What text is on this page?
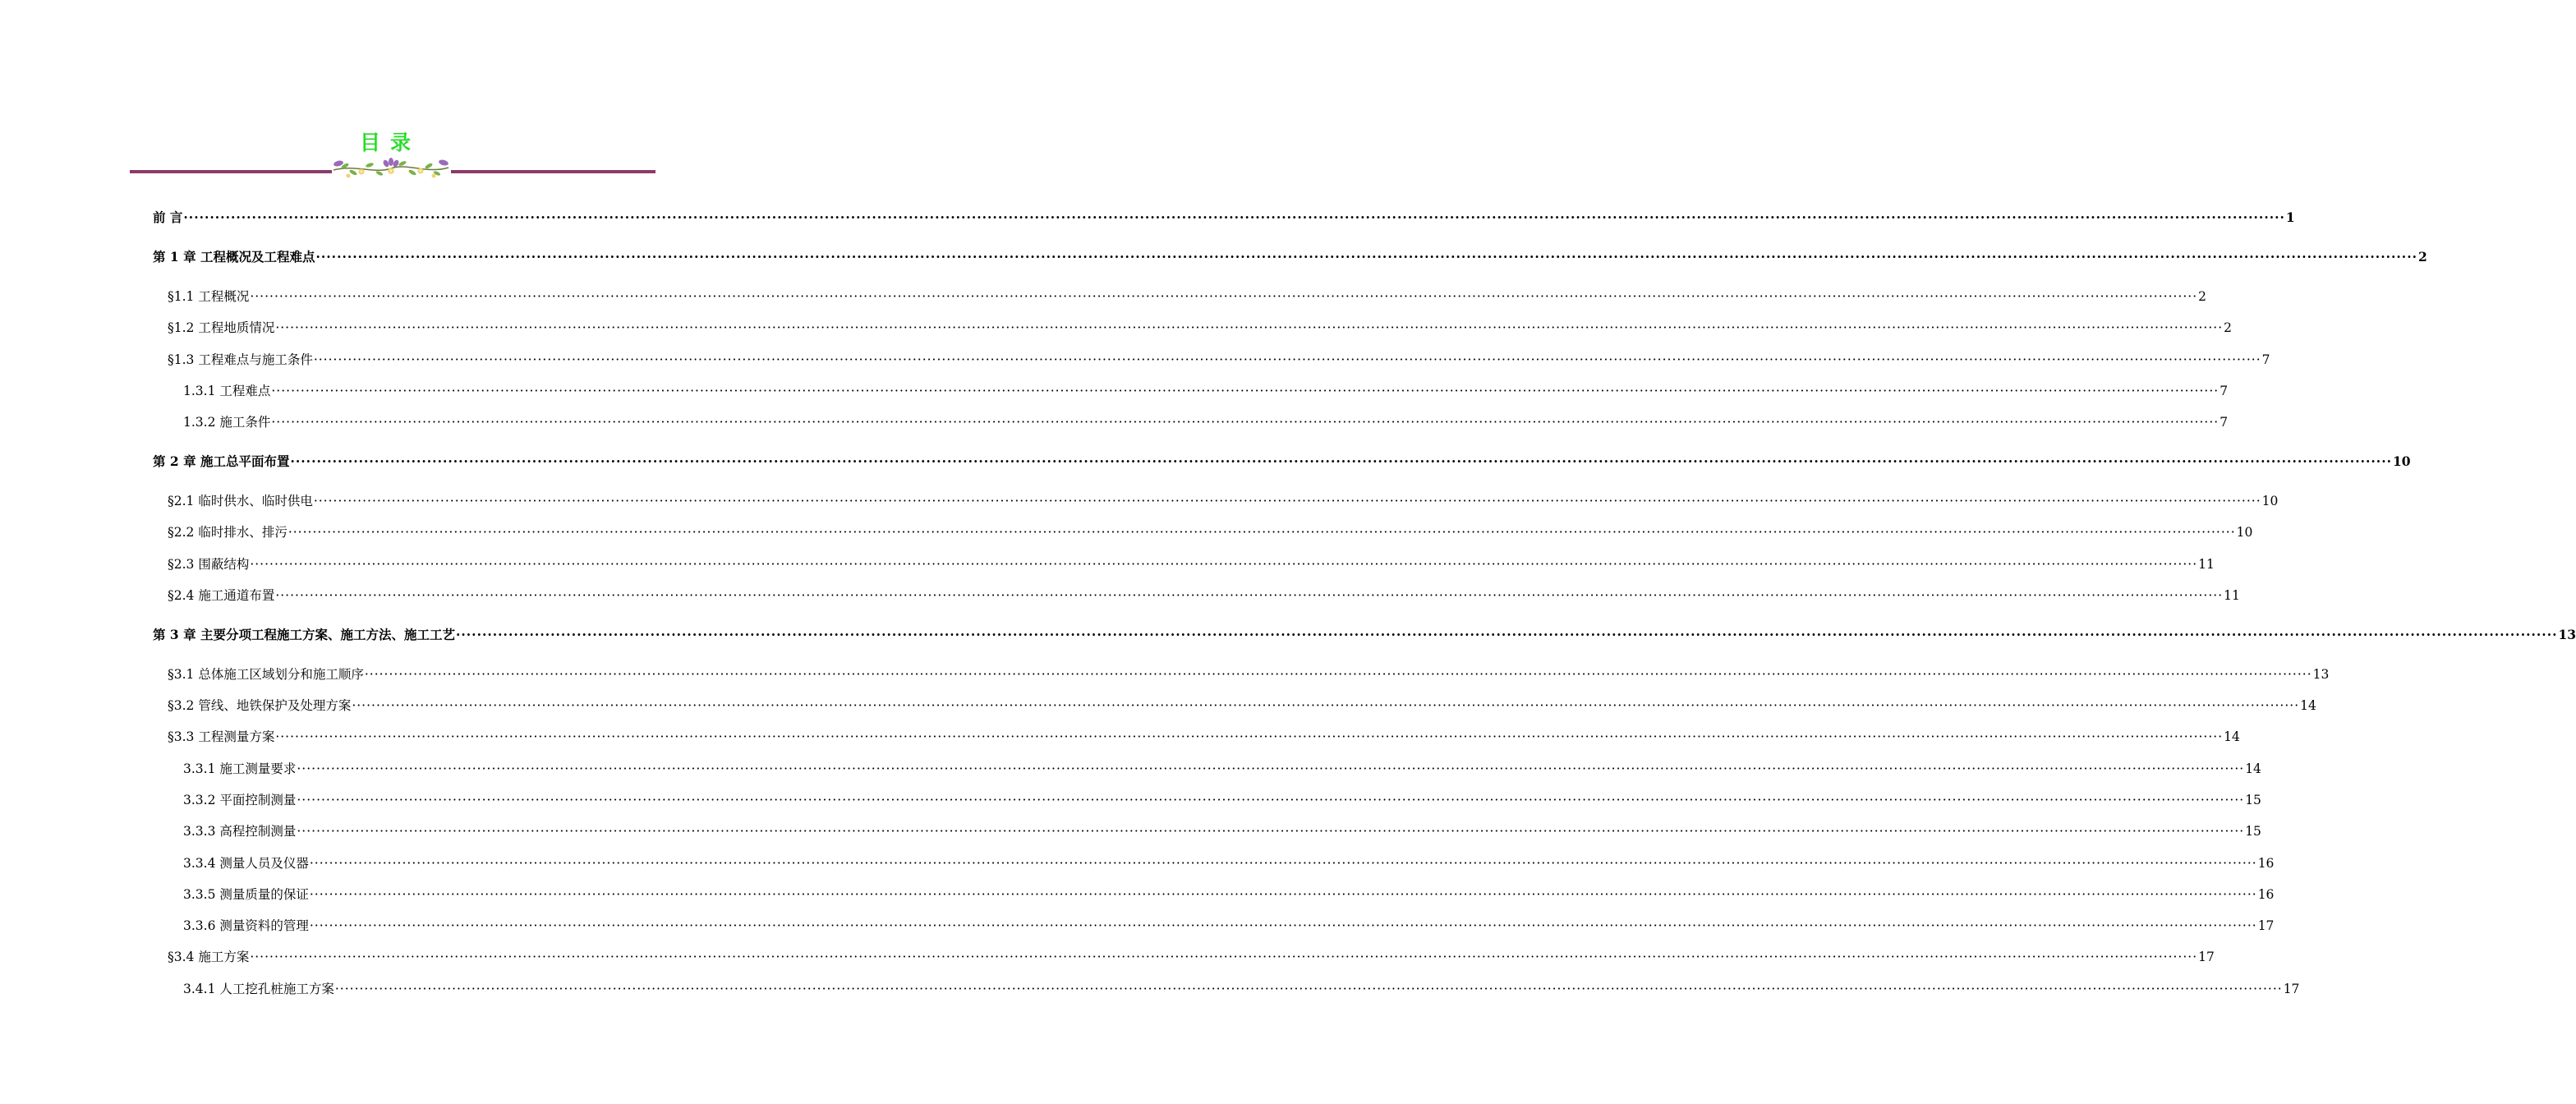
目录
前 言 ················································································································································································································································································································································································································ 1
第 1 章 工程概况及工程难点 ················································································································································································································································································································································································································ 2
§1.1 工程概况 ················································································································································································································································································································································································································ 2
§1.2 工程地质情况 ················································································································································································································································································································································································································ 2
§1.3 工程难点与施工条件 ················································································································································································································································································································································································································ 7
1.3.1 工程难点 ················································································································································································································································································································································································································ 7
1.3.2 施工条件 ················································································································································································································································································································································································································ 7
第 2 章 施工总平面布置 ················································································································································································································································································································································································································ 10
§2.1 临时供水、临时供电 ················································································································································································································································································································································································································ 10
§2.2 临时排水、排污 ················································································································································································································································································································································································································ 10
§2.3 围蔽结构 ················································································································································································································································································································································································································ 11
§2.4 施工通道布置 ················································································································································································································································································································································································································ 11
第 3 章 主要分项工程施工方案、施工方法、施工工艺 ················································································································································································································································································································································································································ 13
§3.1 总体施工区域划分和施工顺序 ················································································································································································································································································································································································································ 13
§3.2 管线、地铁保护及处理方案 ················································································································································································································································································································································································································ 14
§3.3 工程测量方案 ················································································································································································································································································································································································································ 14
3.3.1 施工测量要求 ················································································································································································································································································································································································································ 14
3.3.2 平面控制测量 ················································································································································································································································································································································································································ 15
3.3.3 高程控制测量 ················································································································································································································································································································································································································ 15
3.3.4 测量人员及仪器 ················································································································································································································································································································································································································ 16
3.3.5 测量质量的保证 ················································································································································································································································································································································································································ 16
3.3.6 测量资料的管理 ················································································································································································································································································································································································································ 17
§3.4 施工方案 ················································································································································································································································································································································································································ 17
3.4.1 人工挖孔桩施工方案 ················································································································································································································································································································································································································ 17
